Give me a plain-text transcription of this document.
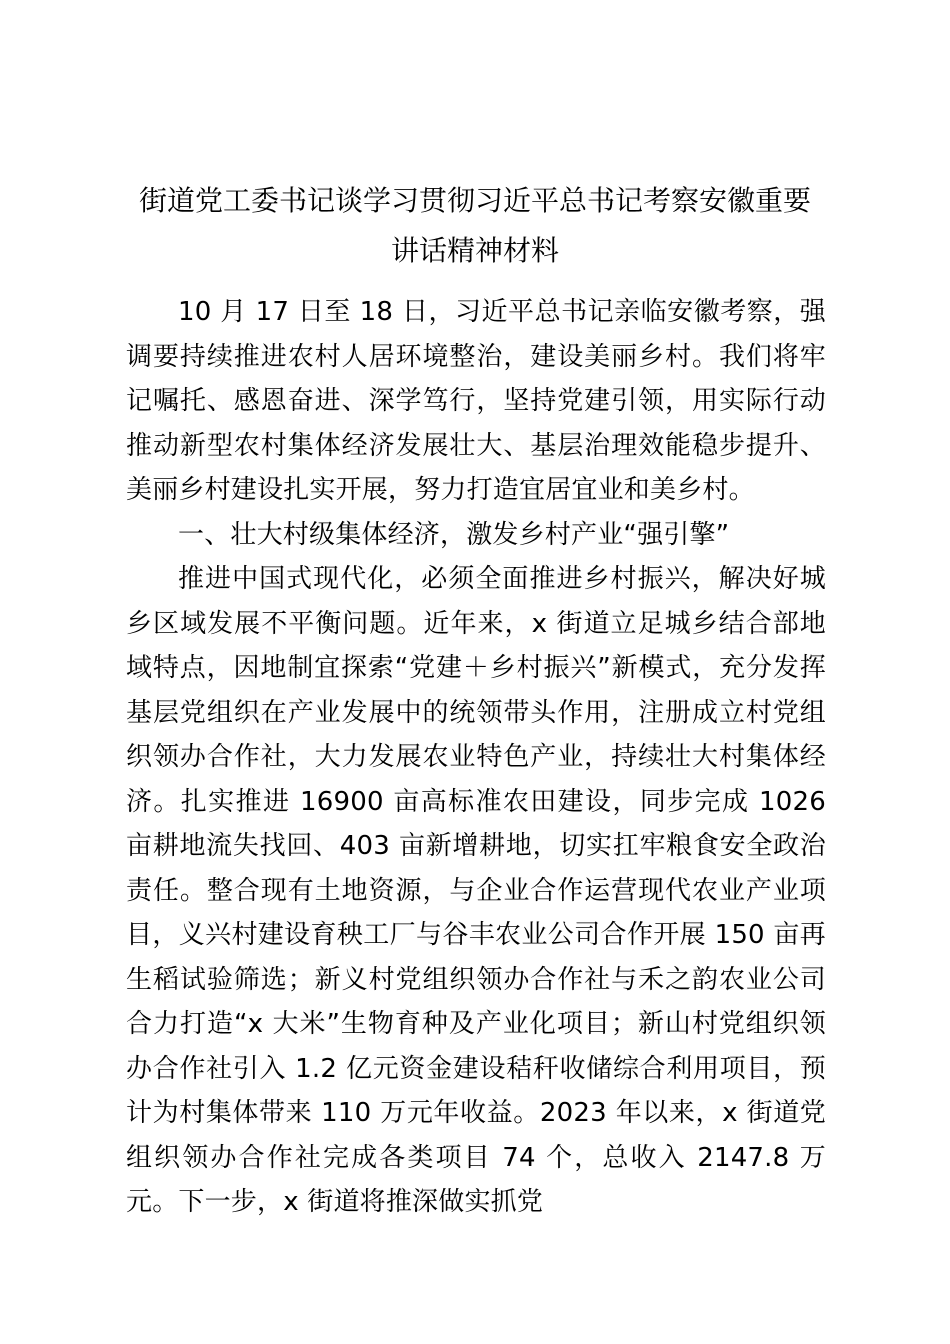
街道党工委书记谈学习贯彻习近平总书记考察安徽重要
讲话精神材料

10 月 17 日至 18 日，习近平总书记亲临安徽考察，强调要持续推进农村人居环境整治，建设美丽乡村。我们将牢记嘱托、感恩奋进、深学笃行，坚持党建引领，用实际行动推动新型农村集体经济发展壮大、基层治理效能稳步提升、美丽乡村建设扎实开展，努力打造宜居宜业和美乡村。

一、壮大村级集体经济，激发乡村产业“强引擎”

推进中国式现代化，必须全面推进乡村振兴，解决好城乡区域发展不平衡问题。近年来，x 街道立足城乡结合部地域特点，因地制宜探索“党建＋乡村振兴”新模式，充分发挥基层党组织在产业发展中的统领带头作用，注册成立村党组织领办合作社，大力发展农业特色产业，持续壮大村集体经济。扎实推进 16900 亩高标准农田建设，同步完成 1026 亩耕地流失找回、403 亩新增耕地，切实扛牢粮食安全政治责任。整合现有土地资源，与企业合作运营现代农业产业项目，义兴村建设育秧工厂与谷丰农业公司合作开展 150 亩再生稻试验筛选；新义村党组织领办合作社与禾之韵农业公司合力打造“x 大米”生物育种及产业化项目；新山村党组织领办合作社引入 1.2 亿元资金建设秸秆收储综合利用项目，预计为村集体带来 110 万元年收益。2023 年以来，x 街道党组织领办合作社完成各类项目 74 个，总收入 2147.8 万元。下一步，x 街道将推深做实抓党
